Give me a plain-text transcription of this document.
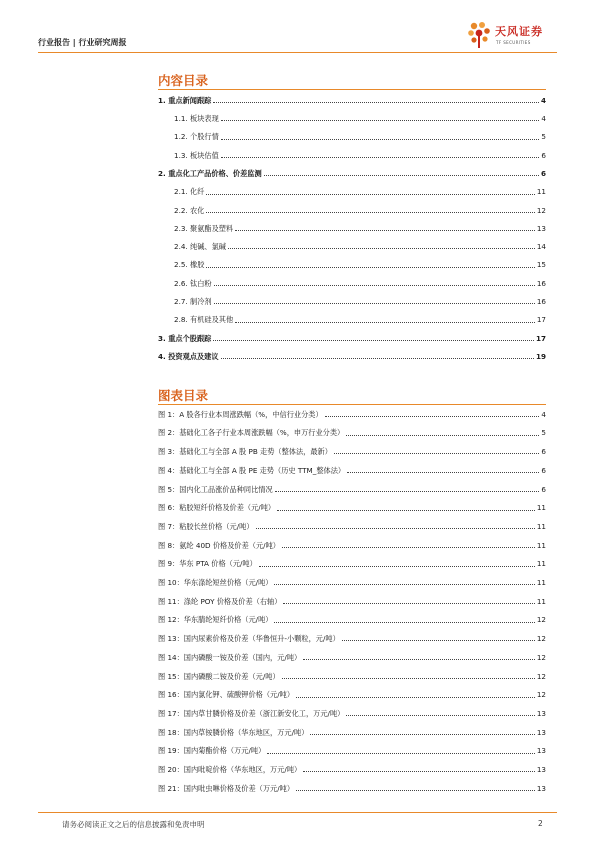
行业报告 | 行业研究周报
天风证券
TF SECURITIES
内容目录
1. 重点新闻跟踪	4
1.1. 板块表现	4
1.2. 个股行情	5
1.3. 板块估值	6
2. 重点化工产品价格、价差监测	6
2.1. 化纤	11
2.2. 农化	12
2.3. 聚氨酯及塑料	13
2.4. 纯碱、氯碱	14
2.5. 橡胶	15
2.6. 钛白粉	16
2.7. 制冷剂	16
2.8. 有机硅及其他	17
3. 重点个股跟踪	17
4. 投资观点及建议	19
图表目录
图 1：A 股各行业本周涨跌幅（%，中信行业分类）	4
图 2：基础化工各子行业本周涨跌幅（%，申万行业分类）	5
图 3：基础化工与全部 A 股 PB 走势（整体法，最新）	6
图 4：基础化工与全部 A 股 PE 走势（历史 TTM_整体法）	6
图 5：国内化工品涨价品种同比情况	6
图 6：粘胶短纤价格及价差（元/吨）	11
图 7：粘胶长丝价格（元/吨）	11
图 8：氨纶 40D 价格及价差（元/吨）	11
图 9：华东 PTA 价格（元/吨）	11
图 10：华东涤纶短丝价格（元/吨）	11
图 11：涤纶 POY 价格及价差（右轴）	11
图 12：华东腈纶短纤价格（元/吨）	12
图 13：国内尿素价格及价差（华鲁恒升-小颗粒，元/吨）	12
图 14：国内磷酸一铵及价差（国内，元/吨）	12
图 15：国内磷酸二铵及价差（元/吨）	12
图 16：国内氯化钾、硫酸钾价格（元/吨）	12
图 17：国内草甘膦价格及价差（浙江新安化工，万元/吨）	13
图 18：国内草铵膦价格（华东地区，万元/吨）	13
图 19：国内菊酯价格（万元/吨）	13
图 20：国内吡啶价格（华东地区，万元/吨）	13
图 21：国内吡虫啉价格及价差（万元/吨）	13
请务必阅读正文之后的信息披露和免责申明	2
